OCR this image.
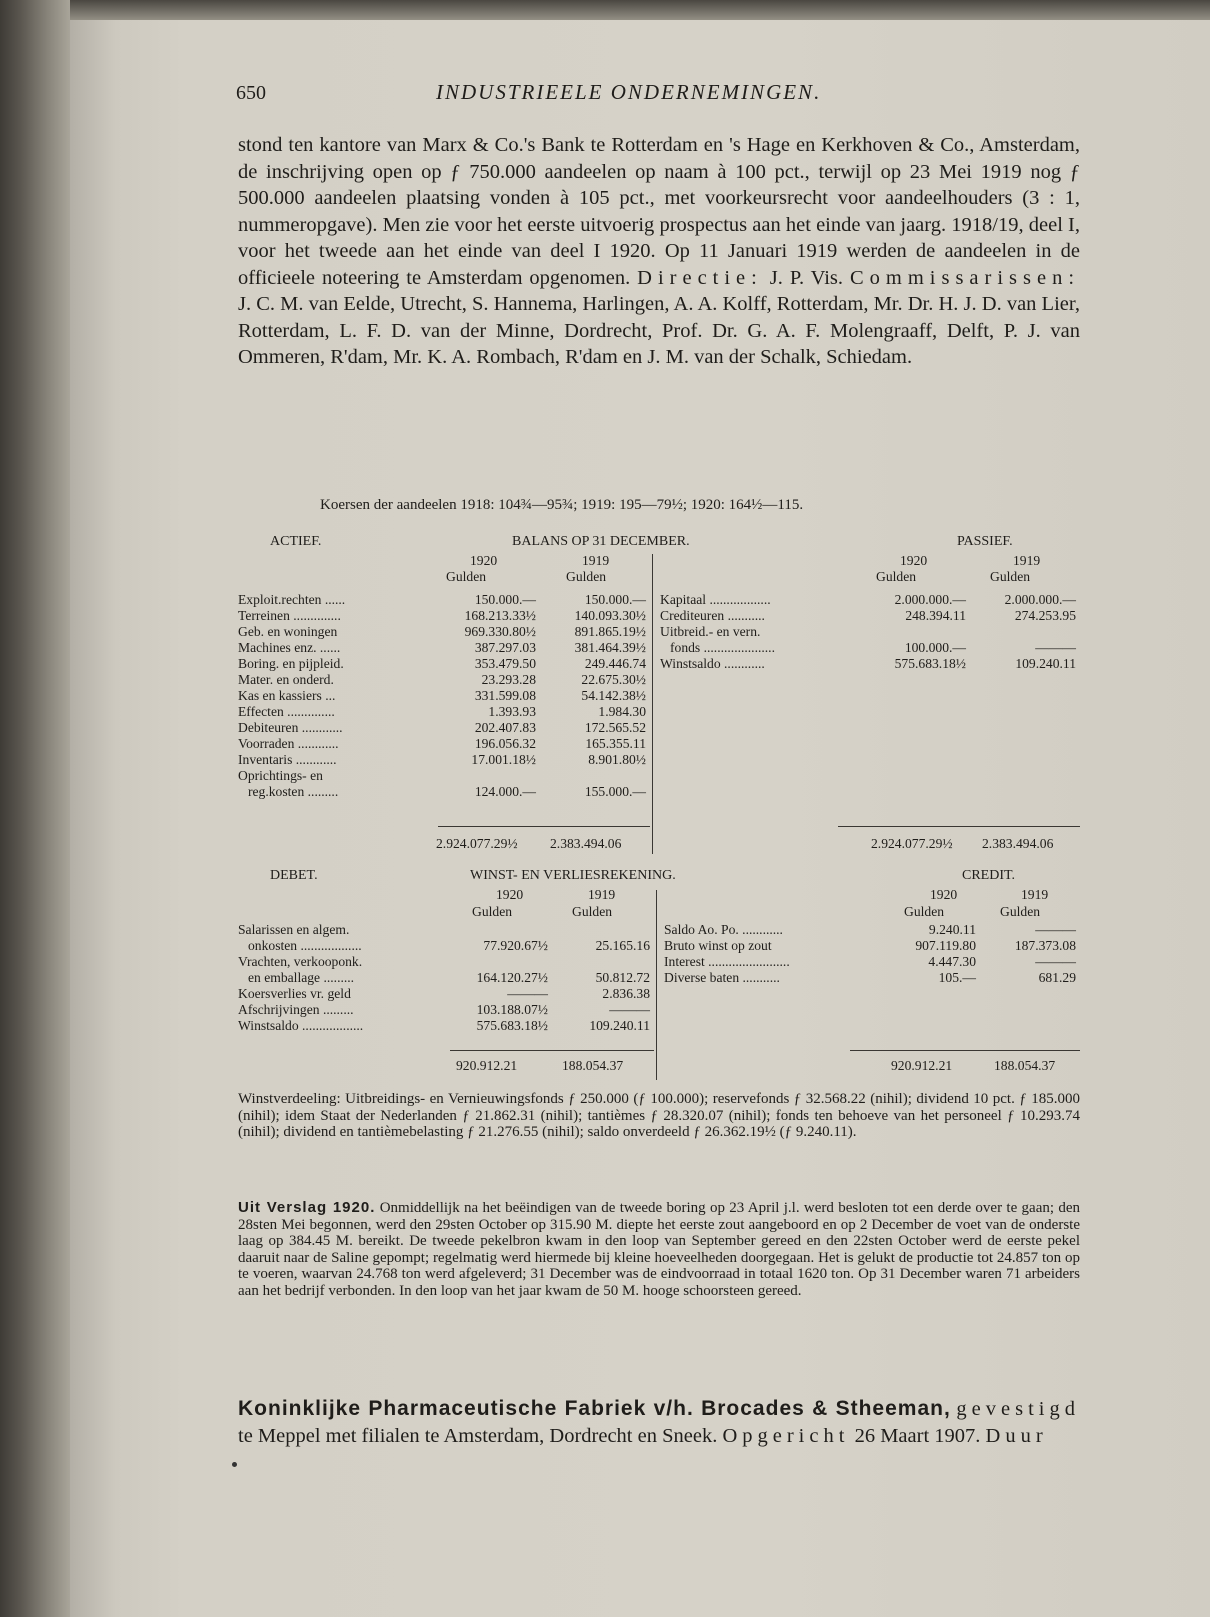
650	INDUSTRIEELE ONDERNEMINGEN.

stond ten kantore van Marx & Co.'s Bank te Rotterdam en 's Hage en Kerkhoven & Co., Amsterdam, de inschrijving open op ƒ 750.000 aandeelen op naam à 100 pct., terwijl op 23 Mei 1919 nog ƒ 500.000 aandeelen plaatsing vonden à 105 pct., met voorkeursrecht voor aandeelhouders (3 : 1, nummeropgave). Men zie voor het eerste uitvoerig prospectus aan het einde van jaarg. 1918/19, deel I, voor het tweede aan het einde van deel I 1920. Op 11 Januari 1919 werden de aandeelen in de officieele noteering te Amsterdam opgenomen. Directie: J. P. Vis. Commissarissen: J. C. M. van Eelde, Utrecht, S. Hannema, Harlingen, A. A. Kolff, Rotterdam, Mr. Dr. H. J. D. van Lier, Rotterdam, L. F. D. van der Minne, Dordrecht, Prof. Dr. G. A. F. Molengraaff, Delft, P. J. van Ommeren, R'dam, Mr. K. A. Rombach, R'dam en J. M. van der Schalk, Schiedam.

Koersen der aandeelen 1918: 104¾—95¾; 1919: 195—79½; 1920: 164½—115.
ACTIEF.	BALANS OP 31 DECEMBER.	PASSIEF.
1920	1919
Gulden	Gulden
1920	1919
Gulden	Gulden
Exploit.rechten ......	150.000.—	150.000.—
Terreinen ..............	168.213.33½	140.093.30½
Geb. en woningen	969.330.80½	891.865.19½
Machines enz. ......	387.297.03	381.464.39½
Boring. en pijpleid.	353.479.50	249.446.74
Mater. en onderd.	23.293.28	22.675.30½
Kas en kassiers ...	331.599.08	54.142.38½
Effecten ..............	1.393.93	1.984.30
Debiteuren ............	202.407.83	172.565.52
Voorraden ............	196.056.32	165.355.11
Inventaris ............	17.001.18½	8.901.80½
Oprichtings- en		
reg.kosten .........	124.000.—	155.000.—
Kapitaal ..................	2.000.000.—	2.000.000.—
Crediteuren ...........	248.394.11	274.253.95
Uitbreid.- en vern.		
fonds .....................	100.000.—	———
Winstsaldo ............	575.683.18½	109.240.11
2.924.077.29½ 2.383.494.06	2.924.077.29½ 2.383.494.06
DEBET.	WINST- EN VERLIESREKENING.	CREDIT.
1920	1919
Gulden	Gulden
1920	1919
Gulden	Gulden
Salarissen en algem.		
onkosten ..................	77.920.67½	25.165.16
Vrachten, verkooponk.		
en emballage .........	164.120.27½	50.812.72
Koersverlies vr. geld	———	2.836.38
Afschrijvingen .........	103.188.07½	———
Winstsaldo ..................	575.683.18½	109.240.11
Saldo Ao. Po. ............	9.240.11	———
Bruto winst op zout	907.119.80	187.373.08
Interest ........................	4.447.30	———
Diverse baten ...........	105.—	681.29
920.912.21	188.054.37	920.912.21	188.054.37

Winstverdeeling: Uitbreidings- en Vernieuwingsfonds ƒ 250.000 (ƒ 100.000); reservefonds ƒ 32.568.22 (nihil); dividend 10 pct. ƒ 185.000 (nihil); idem Staat der Nederlanden ƒ 21.862.31 (nihil); tantièmes ƒ 28.320.07 (nihil); fonds ten behoeve van het personeel ƒ 10.293.74 (nihil); dividend en tantièmebelasting ƒ 21.276.55 (nihil); saldo onverdeeld ƒ 26.362.19½ (ƒ 9.240.11).

Uit Verslag 1920. Onmiddellijk na het beëindigen van de tweede boring op 23 April j.l. werd besloten tot een derde over te gaan; den 28sten Mei begonnen, werd den 29sten October op 315.90 M. diepte het eerste zout aangeboord en op 2 December de voet van de onderste laag op 384.45 M. bereikt. De tweede pekelbron kwam in den loop van September gereed en den 22sten October werd de eerste pekel daaruit naar de Saline gepompt; regelmatig werd hiermede bij kleine hoeveelheden doorgegaan. Het is gelukt de productie tot 24.857 ton op te voeren, waarvan 24.768 ton werd afgeleverd; 31 December was de eindvoorraad in totaal 1620 ton. Op 31 December waren 71 arbeiders aan het bedrijf verbonden. In den loop van het jaar kwam de 50 M. hooge schoorsteen gereed.

Koninklijke Pharmaceutische Fabriek v/h. Brocades & Stheeman, gevestigd te Meppel met filialen te Amsterdam, Dordrecht en Sneek. Opgericht 26 Maart 1907. Duur
